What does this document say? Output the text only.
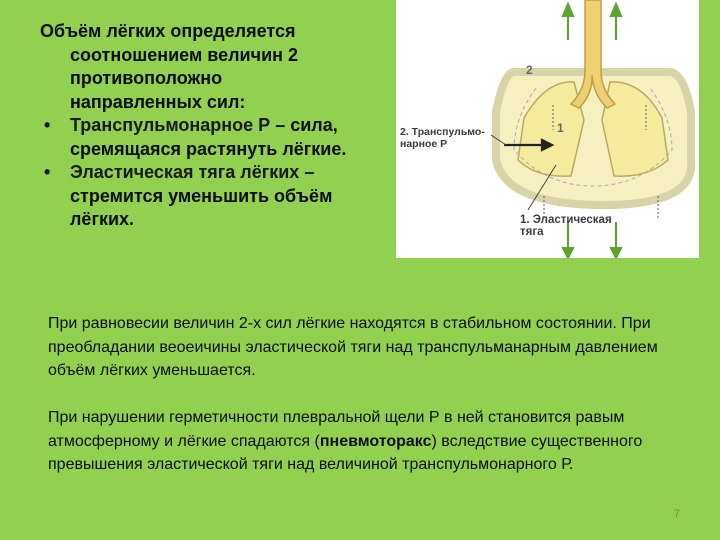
Объём лёгких определяется
соотношением величин 2
противоположно
направленных сил:
• Транспульмонарное Р – сила,
сремящаяся растянуть лёгкие.
• Эластическая тяга лёгких –
стремится уменьшить объём
лёгких.
1
2
2. Транспульмо-
нарное Р
1. Эластическая
тяга
При равновесии величин 2-х сил лёгкие находятся в стабильном состоянии. При преобладании веоеичины эластической тяги над транспульманарным давлением объём лёгких уменьшается.
При нарушении герметичности плевральной щели Р в ней становится равым атмосферному и лёгкие спадаются (пневмоторакс) вследствие существенного превышения эластической тяги над величиной транспульмонарного Р.
7
